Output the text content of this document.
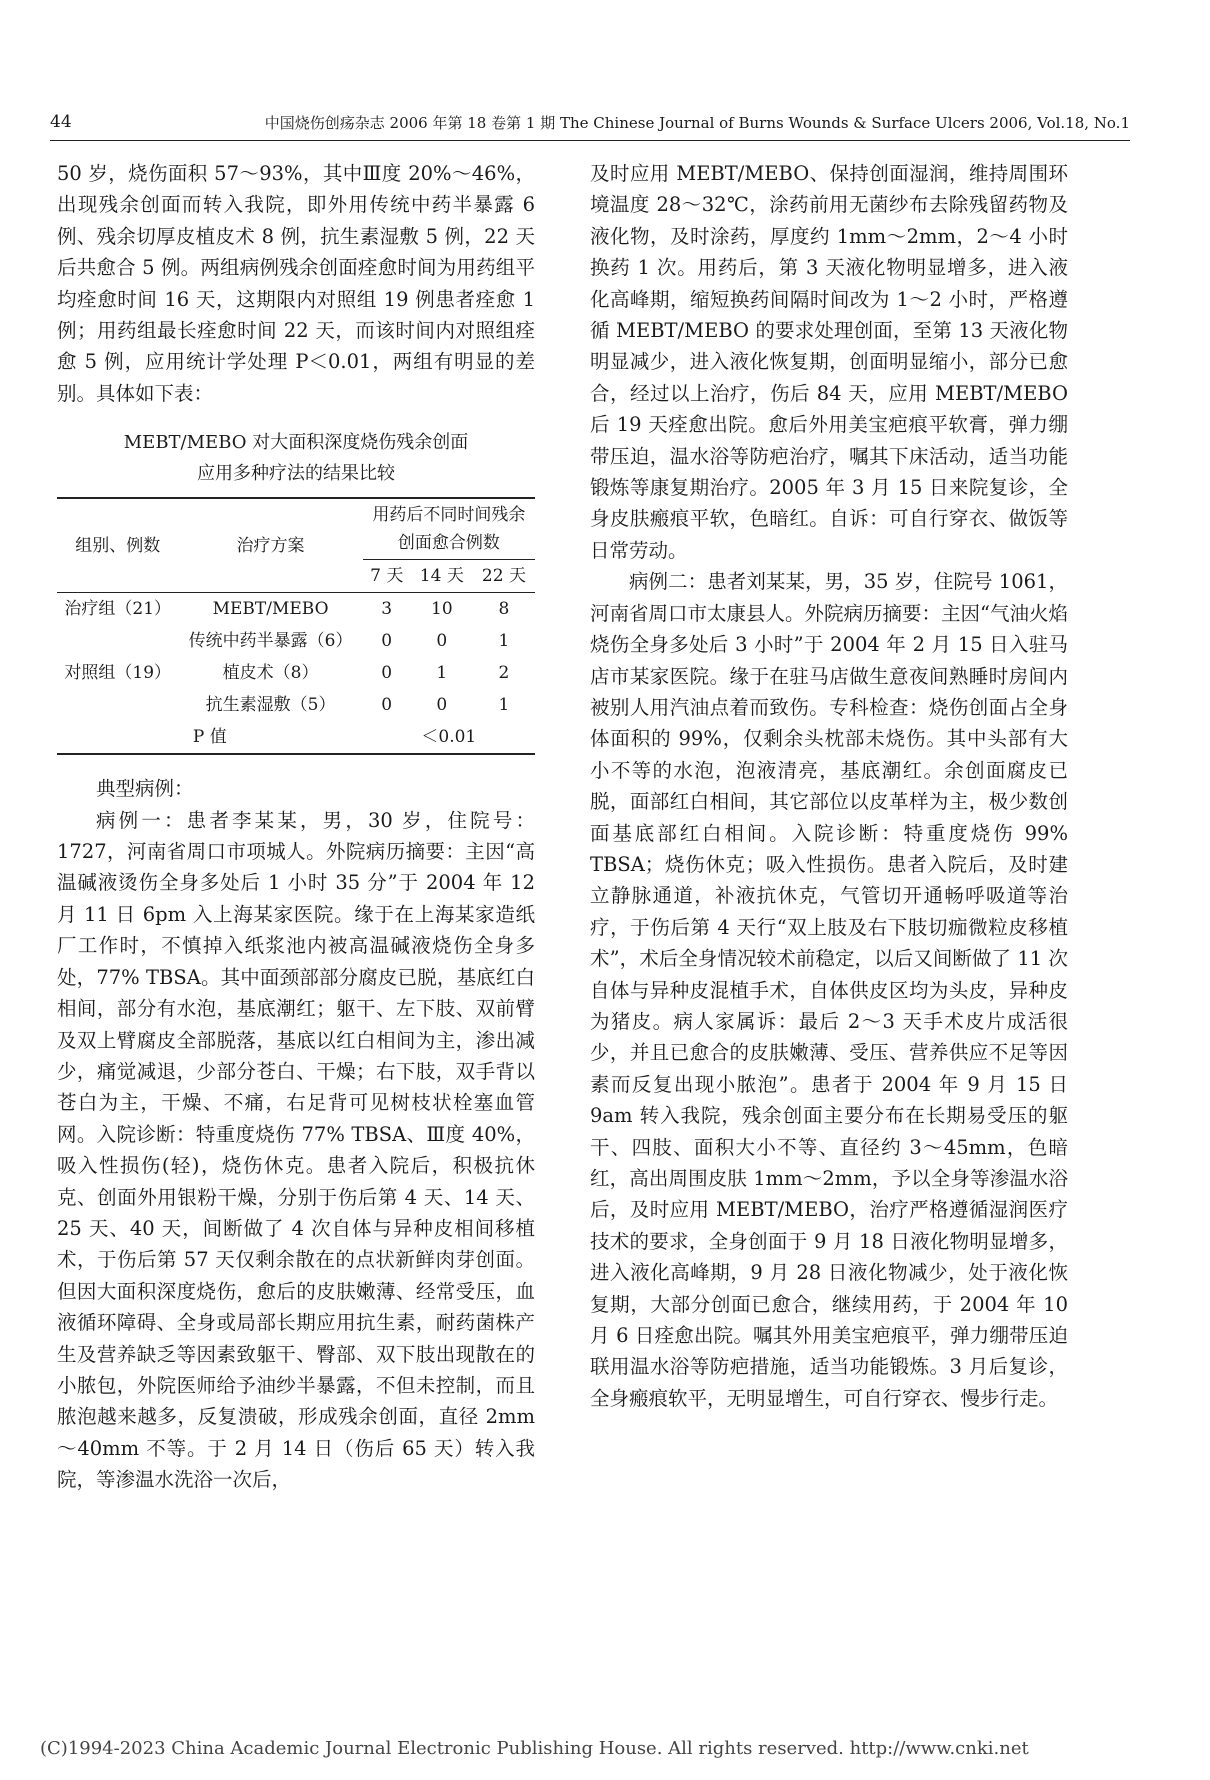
44	中国烧伤创疡杂志 2006 年第 18 卷第 1 期 The Chinese Journal of Burns Wounds & Surface Ulcers 2006, Vol.18, No.1

50 岁，烧伤面积 57～93%，其中Ⅲ度 20%～46%，出现残余创面而转入我院，即外用传统中药半暴露 6 例、残余切厚皮植皮术 8 例，抗生素湿敷 5 例，22 天后共愈合 5 例。两组病例残余创面痊愈时间为用药组平均痊愈时间 16 天，这期限内对照组 19 例患者痊愈 1 例；用药组最长痊愈时间 22 天，而该时间内对照组痊愈 5 例，应用统计学处理 P＜0.01，两组有明显的差别。具体如下表：

MEBT/MEBO 对大面积深度烧伤残余创面
应用多种疗法的结果比较
组别、例数	治疗方案	用药后不同时间残余
创面愈合例数		

		7 天	14 天	22 天
治疗组（21）	MEBT/MEBO	3	10	8
对照组（19）	传统中药半暴露（6）	0	0	1
	植皮术（8）	0	1	2
	抗生素湿敷（5）	0	0	1
P 值		＜0.01		

典型病例：

病例一：患者李某某，男，30 岁，住院号：1727，河南省周口市项城人。外院病历摘要：主因“高温碱液烫伤全身多处后 1 小时 35 分”于 2004 年 12 月 11 日 6pm 入上海某家医院。缘于在上海某家造纸厂工作时，不慎掉入纸浆池内被高温碱液烧伤全身多处，77% TBSA。其中面颈部部分腐皮已脱，基底红白相间，部分有水泡，基底潮红；躯干、左下肢、双前臂及双上臂腐皮全部脱落，基底以红白相间为主，渗出减少，痛觉减退，少部分苍白、干燥；右下肢，双手背以苍白为主，干燥、不痛，右足背可见树枝状栓塞血管网。入院诊断：特重度烧伤 77% TBSA、Ⅲ度 40%，吸入性损伤(轻)，烧伤休克。患者入院后，积极抗休克、创面外用银粉干燥，分别于伤后第 4 天、14 天、25 天、40 天，间断做了 4 次自体与异种皮相间移植术，于伤后第 57 天仅剩余散在的点状新鲜肉芽创面。但因大面积深度烧伤，愈后的皮肤嫩薄、经常受压，血液循环障碍、全身或局部长期应用抗生素，耐药菌株产生及营养缺乏等因素致躯干、臀部、双下肢出现散在的小脓包，外院医师给予油纱半暴露，不但未控制，而且脓泡越来越多，反复溃破，形成残余创面，直径 2mm～40mm 不等。于 2 月 14 日（伤后 65 天）转入我院，等渗温水洗浴一次后，

及时应用 MEBT/MEBO、保持创面湿润，维持周围环境温度 28～32℃，涂药前用无菌纱布去除残留药物及液化物，及时涂药，厚度约 1mm～2mm，2～4 小时换药 1 次。用药后，第 3 天液化物明显增多，进入液化高峰期，缩短换药间隔时间改为 1～2 小时，严格遵循 MEBT/MEBO 的要求处理创面，至第 13 天液化物明显减少，进入液化恢复期，创面明显缩小，部分已愈合，经过以上治疗，伤后 84 天，应用 MEBT/MEBO 后 19 天痊愈出院。愈后外用美宝疤痕平软膏，弹力绷带压迫，温水浴等防疤治疗，嘱其下床活动，适当功能锻炼等康复期治疗。2005 年 3 月 15 日来院复诊，全身皮肤瘢痕平软，色暗红。自诉：可自行穿衣、做饭等日常劳动。

病例二：患者刘某某，男，35 岁，住院号 1061，河南省周口市太康县人。外院病历摘要：主因“气油火焰烧伤全身多处后 3 小时”于 2004 年 2 月 15 日入驻马店市某家医院。缘于在驻马店做生意夜间熟睡时房间内被别人用汽油点着而致伤。专科检查：烧伤创面占全身体面积的 99%，仅剩余头枕部未烧伤。其中头部有大小不等的水泡，泡液清亮，基底潮红。余创面腐皮已脱，面部红白相间，其它部位以皮革样为主，极少数创面基底部红白相间。入院诊断：特重度烧伤 99% TBSA；烧伤休克；吸入性损伤。患者入院后，及时建立静脉通道，补液抗休克，气管切开通畅呼吸道等治疗，于伤后第 4 天行“双上肢及右下肢切痂微粒皮移植术”，术后全身情况较术前稳定，以后又间断做了 11 次自体与异种皮混植手术，自体供皮区均为头皮，异种皮为猪皮。病人家属诉：最后 2～3 天手术皮片成活很少，并且已愈合的皮肤嫩薄、受压、营养供应不足等因素而反复出现小脓泡”。患者于 2004 年 9 月 15 日 9am 转入我院，残余创面主要分布在长期易受压的躯干、四肢、面积大小不等、直径约 3～45mm，色暗红，高出周围皮肤 1mm～2mm，予以全身等渗温水浴后，及时应用 MEBT/MEBO，治疗严格遵循湿润医疗技术的要求，全身创面于 9 月 18 日液化物明显增多，进入液化高峰期，9 月 28 日液化物减少，处于液化恢复期，大部分创面已愈合，继续用药，于 2004 年 10 月 6 日痊愈出院。嘱其外用美宝疤痕平，弹力绷带压迫联用温水浴等防疤措施，适当功能锻炼。3 月后复诊，全身瘢痕软平，无明显增生，可自行穿衣、慢步行走。

(C)1994-2023 China Academic Journal Electronic Publishing House. All rights reserved. http://www.cnki.net
